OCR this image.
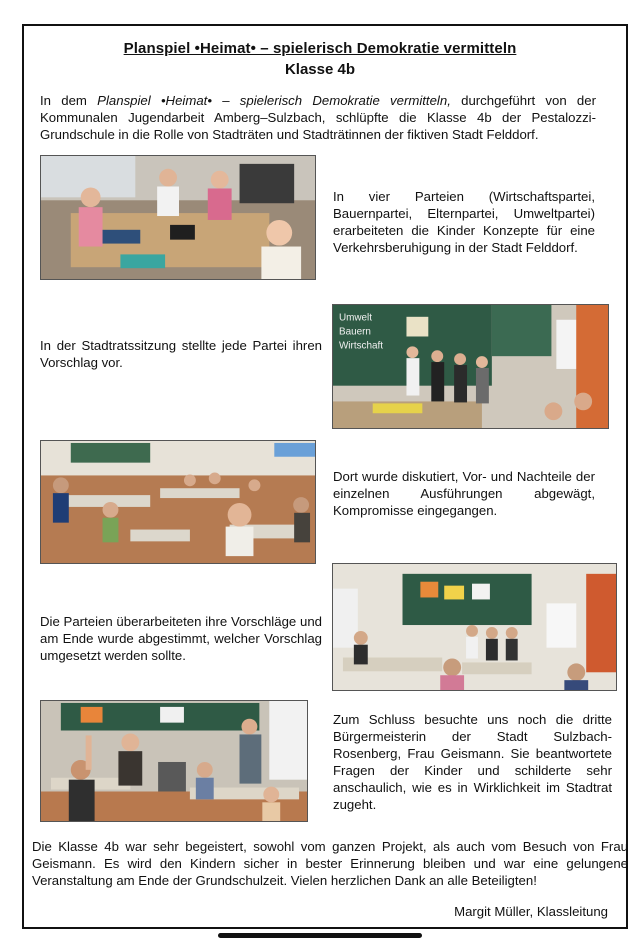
Planspiel •Heimat• – spielerisch Demokratie vermitteln
Klasse 4b

In dem Planspiel •Heimat• – spielerisch Demokratie vermitteln, durchgeführt von der Kommunalen Jugendarbeit Amberg–Sulzbach, schlüpfte die Klasse 4b der Pestalozzi-Grundschule in die Rolle von Stadträten und Stadträtinnen der fiktiven Stadt Felddorf.

In vier Parteien (Wirtschaftspartei, Bauernpartei, Elternpartei, Umweltpartei) erarbeiteten die Kinder Konzepte für eine Verkehrsberuhigung in der Stadt Felddorf.

In der Stadtratssitzung stellte jede Partei ihren Vorschlag vor.

Umwelt
Bauern
Wirtschaft

Dort wurde diskutiert, Vor- und Nachteile der einzelnen Ausführungen abgewägt, Kompromisse eingegangen.

Die Parteien überarbeiteten ihre Vorschläge und am Ende wurde abgestimmt, welcher Vorschlag umgesetzt werden sollte.

Zum Schluss besuchte uns noch die dritte Bürgermeisterin der Stadt Sulzbach-Rosenberg, Frau Geismann. Sie beantwortete Fragen der Kinder und schilderte sehr anschaulich, wie es in Wirklichkeit im Stadtrat zugeht.

Die Klasse 4b war sehr begeistert, sowohl vom ganzen Projekt, als auch vom Besuch von Frau Geismann. Es wird den Kindern sicher in bester Erinnerung bleiben und war eine gelungene Veranstaltung am Ende der Grundschulzeit. Vielen herzlichen Dank an alle Beteiligten!

Margit Müller, Klassleitung
